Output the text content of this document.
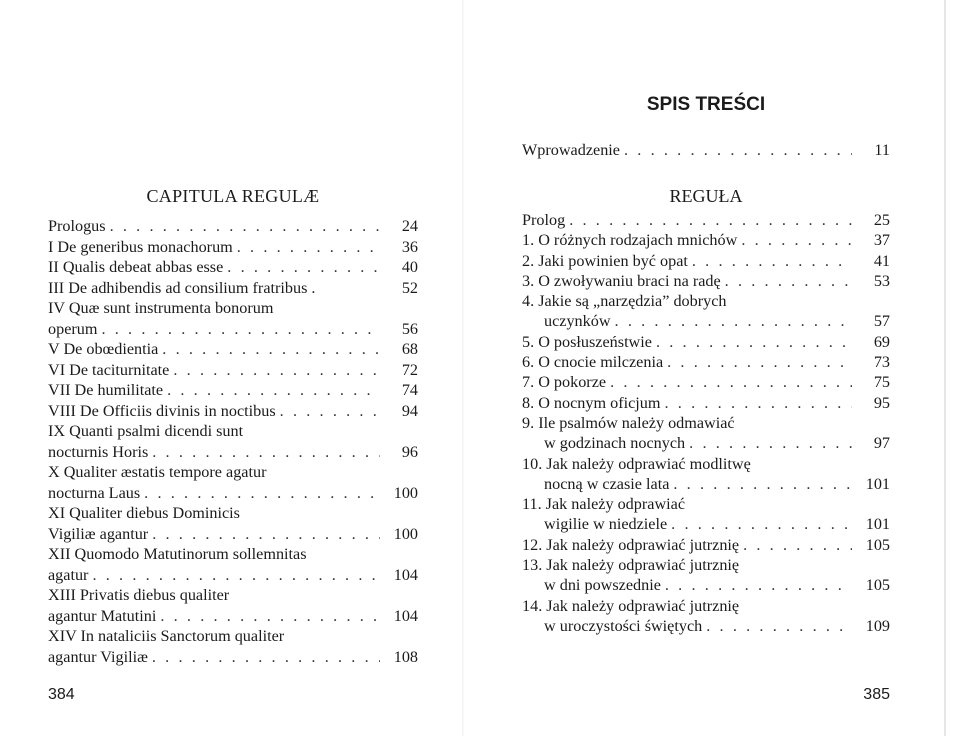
CAPITULA REGULÆ
Prologus . . .	24
I De generibus monachorum . . .	36
II Qualis debeat abbas esse . . .	40
III De adhibendis ad consilium fratribus .	52
IV Quæ sunt instrumenta bonorum
operum . . .	56
V De obœdientia . . .	68
VI De taciturnitate . . .	72
VII De humilitate . . .	74
VIII De Officiis divinis in noctibus . . .	94
IX Quanti psalmi dicendi sunt
nocturnis Horis . . .	96
X Qualiter æstatis tempore agatur
nocturna Laus . . .	100
XI Qualiter diebus Dominicis
Vigiliæ agantur . . .	100
XII Quomodo Matutinorum sollemnitas
agatur . . .	104
XIII Privatis diebus qualiter
agantur Matutini . . .	104
XIV In nataliciis Sanctorum qualiter
agantur Vigiliæ . . .	108
384
SPIS TREŚCI
Wprowadzenie . . .	11
REGUŁA
Prolog . . .	25
1. O różnych rodzajach mnichów . . .	37
2. Jaki powinien być opat . . .	41
3. O zwoływaniu braci na radę . . .	53
4. Jakie są „narzędzia” dobrych
uczynków . . .	57
5. O posłuszeństwie . . .	69
6. O cnocie milczenia . . .	73
7. O pokorze . . .	75
8. O nocnym oficjum . . .	95
9. Ile psalmów należy odmawiać
w godzinach nocnych . . .	97
10. Jak należy odprawiać modlitwę
nocną w czasie lata . . .	101
11. Jak należy odprawiać
wigilie w niedziele . . .	101
12. Jak należy odprawiać jutrznię . . .	105
13. Jak należy odprawiać jutrznię
w dni powszednie . . .	105
14. Jak należy odprawiać jutrznię
w uroczystości świętych . . .	109
385
